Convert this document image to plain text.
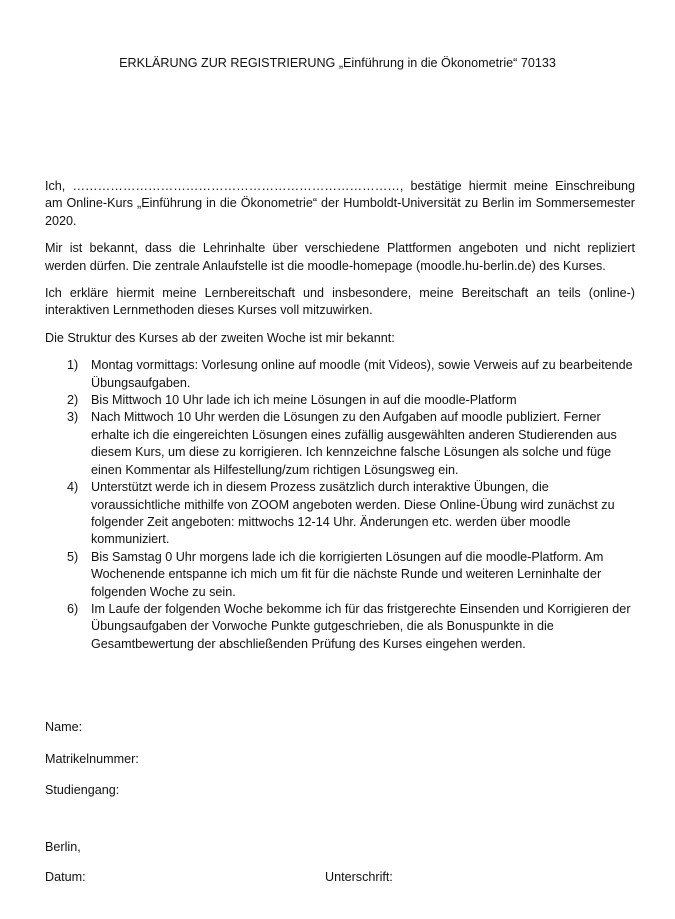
ERKLÄRUNG ZUR REGISTRIERUNG „Einführung in die Ökonometrie“ 70133

Ich, ……………………………………………………………………, bestätige hiermit meine Einschreibung am Online-Kurs „Einführung in die Ökonometrie“ der Humboldt-Universität zu Berlin im Sommersemester 2020.

Mir ist bekannt, dass die Lehrinhalte über verschiedene Plattformen angeboten und nicht repliziert werden dürfen. Die zentrale Anlaufstelle ist die moodle-homepage (moodle.hu-berlin.de) des Kurses.

Ich erkläre hiermit meine Lernbereitschaft und insbesondere, meine Bereitschaft an teils (online-) interaktiven Lernmethoden dieses Kurses voll mitzuwirken.

Die Struktur des Kurses ab der zweiten Woche ist mir bekannt:

1) Montag vormittags: Vorlesung online auf moodle (mit Videos), sowie Verweis auf zu bearbeitende Übungsaufgaben.
2) Bis Mittwoch 10 Uhr lade ich ich meine Lösungen in auf die moodle-Platform
3) Nach Mittwoch 10 Uhr werden die Lösungen zu den Aufgaben auf moodle publiziert. Ferner erhalte ich die eingereichten Lösungen eines zufällig ausgewählten anderen Studierenden aus diesem Kurs, um diese zu korrigieren. Ich kennzeichne falsche Lösungen als solche und füge einen Kommentar als Hilfestellung/zum richtigen Lösungsweg ein.
4) Unterstützt werde ich in diesem Prozess zusätzlich durch interaktive Übungen, die voraussichtliche mithilfe von ZOOM angeboten werden. Diese Online-Übung wird zunächst zu folgender Zeit angeboten: mittwochs 12-14 Uhr. Änderungen etc. werden über moodle kommuniziert.
5) Bis Samstag 0 Uhr morgens lade ich die korrigierten Lösungen auf die moodle-Platform. Am Wochenende entspanne ich mich um fit für die nächste Runde und weiteren Lerninhalte der folgenden Woche zu sein.
6) Im Laufe der folgenden Woche bekomme ich für das fristgerechte Einsenden und Korrigieren der Übungsaufgaben der Vorwoche Punkte gutgeschrieben, die als Bonuspunkte in die Gesamtbewertung der abschließenden Prüfung des Kurses eingehen werden.
Name:
Matrikelnummer:
Studiengang:
Berlin,
Datum:	Unterschrift:
